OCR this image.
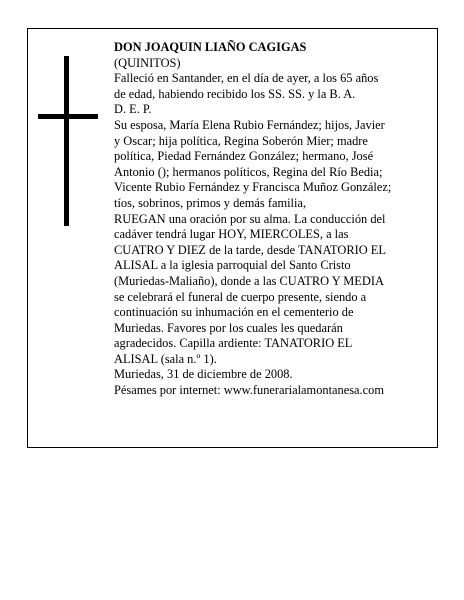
DON JOAQUIN LIAÑO CAGIGAS
(QUINITOS)
Falleció en Santander, en el día de ayer, a los 65 años
de edad, habiendo recibido los SS. SS. y la B. A.
D. E. P.
Su esposa, María Elena Rubio Fernández; hijos, Javier
y Oscar; hija política, Regina Soberón Mier; madre
política, Piedad Fernández González; hermano, José
Antonio (); hermanos políticos, Regina del Río Bedia;
Vicente Rubio Fernández y Francisca Muñoz González;
tíos, sobrinos, primos y demás familia,
RUEGAN una oración por su alma. La conducción del
cadáver tendrá lugar HOY, MIERCOLES, a las
CUATRO Y DIEZ de la tarde, desde TANATORIO EL
ALISAL a la iglesia parroquial del Santo Cristo
(Muriedas-Maliaño), donde a las CUATRO Y MEDIA
se celebrará el funeral de cuerpo presente, siendo a
continuación su inhumación en el cementerio de
Muriedas. Favores por los cuales les quedarán
agradecidos. Capilla ardiente: TANATORIO EL
ALISAL (sala n.º 1).
Muriedas, 31 de diciembre de 2008.
Pésames por internet: www.funerarialamontanesa.com
